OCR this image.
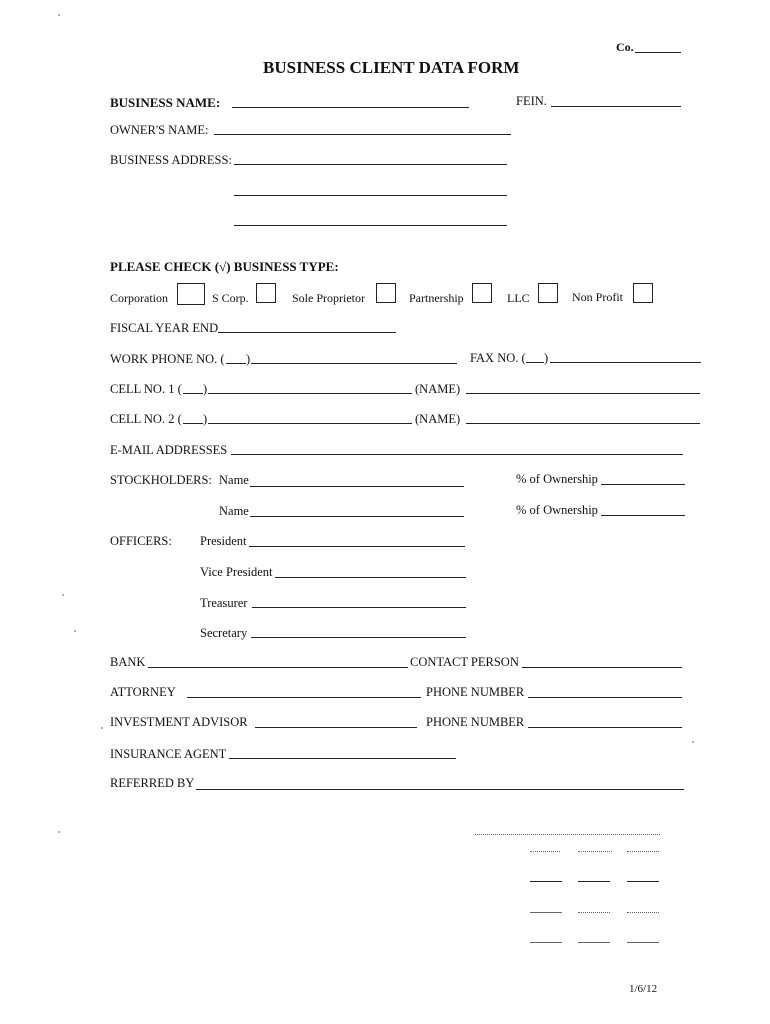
Co.
BUSINESS CLIENT DATA FORM
BUSINESS NAME:	FEIN.
OWNER'S NAME:
BUSINESS ADDRESS:
PLEASE CHECK (√) BUSINESS TYPE:
Corporation	S Corp.	Sole Proprietor	Partnership	LLC	Non Profit
FISCAL YEAR END
WORK PHONE NO. ( )	FAX NO. ( )
CELL NO. 1 ( )	(NAME)
CELL NO. 2 ( )	(NAME)
E-MAIL ADDRESSES
STOCKHOLDERS: Name	% of Ownership
Name	% of Ownership
OFFICERS: President
Vice President
Treasurer
Secretary
BANK	CONTACT PERSON
ATTORNEY	PHONE NUMBER
INVESTMENT ADVISOR	PHONE NUMBER
INSURANCE AGENT
REFERRED BY
1/6/12
